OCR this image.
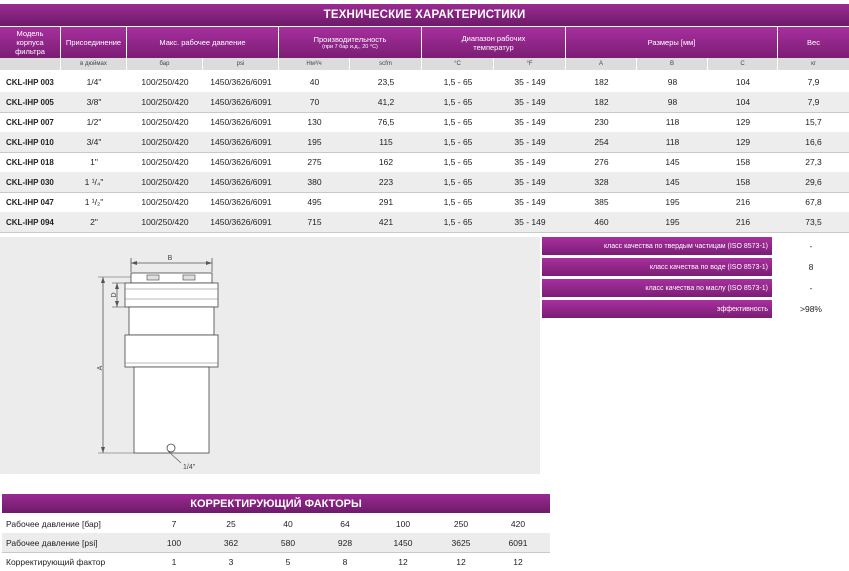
ТЕХНИЧЕСКИЕ ХАРАКТЕРИСТИКИ
Модель корпуса фильтра
Присоединение	Макс. рабочее давление	Производительность
(при 7 бар и.д., 20 °С)
Диапазон рабочих температур	Размеры [мм]	Вес
в дюймах	бар	psi	Нм³/ч	scfm	°C	°F	A	B	C	кг
CKL-IHP 003	1/4"	100/250/420	1450/3626/6091	40	23,5	1,5 - 65	35 - 149	182	98	104	7,9
CKL-IHP 005	3/8"	100/250/420	1450/3626/6091	70	41,2	1,5 - 65	35 - 149	182	98	104	7,9
CKL-IHP 007	1/2"	100/250/420	1450/3626/6091	130	76,5	1,5 - 65	35 - 149	230	118	129	15,7
CKL-IHP 010	3/4"	100/250/420	1450/3626/6091	195	115	1,5 - 65	35 - 149	254	118	129	16,6
CKL-IHP 018	1"	100/250/420	1450/3626/6091	275	162	1,5 - 65	35 - 149	276	145	158	27,3
CKL-IHP 030	1 ¹/₄"	100/250/420	1450/3626/6091	380	223	1,5 - 65	35 - 149	328	145	158	29,6
CKL-IHP 047	1 ¹/₂"	100/250/420	1450/3626/6091	495	291	1,5 - 65	35 - 149	385	195	216	67,8
CKL-IHP 094	2"	100/250/420	1450/3626/6091	715	421	1,5 - 65	35 - 149	460	195	216	73,5
B
1/4"
D
A
класс качества по твердым частицам (ISO 8573-1)	-
класс качества по воде (ISO 8573-1)	8
класс качества по маслу (ISO 8573-1)	-
эффективность	>98%
КОРРЕКТИРУЮЩИЙ ФАКТОРЫ
Рабочее давление [бар]	7	25	40	64	100	250	420
Рабочее давление [psi]	100	362	580	928	1450	3625	6091
Корректирующий фактор	1	3	5	8	12	12	12
